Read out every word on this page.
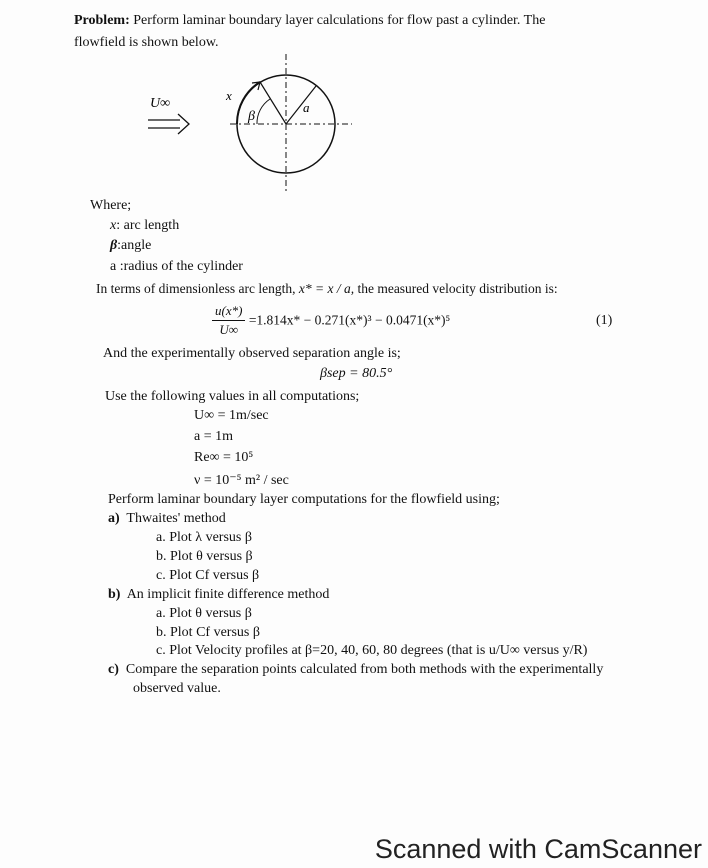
Problem: Perform laminar boundary layer calculations for flow past a cylinder. The
flowfield is shown below.
U∞
x
β
a
Where;
x: arc length
β:angle
a :radius of the cylinder
In terms of dimensionless arc length, x* = x / a, the measured velocity distribution is:
$\frac{u(x*)}{U\infty} =1.814x* - 0.271(x*)^3 - 0.0471(x*)^5$	(1)
And the experimentally observed separation angle is;
βsep = 80.5°
Use the following values in all computations;
U∞ = 1m/sec
a = 1m
Re∞ = 10⁵
ν = 10⁻⁵ m² / sec
Perform laminar boundary layer computations for the flowfield using;
a) Thwaites' method
a. Plot λ versus β
b. Plot θ versus β
c. Plot Cf versus β
b) An implicit finite difference method
a. Plot θ versus β
b. Plot Cf versus β
c. Plot Velocity profiles at β=20, 40, 60, 80 degrees (that is u/U∞ versus y/R)
c) Compare the separation points calculated from both methods with the experimentally
observed value.
Scanned with CamScanner
